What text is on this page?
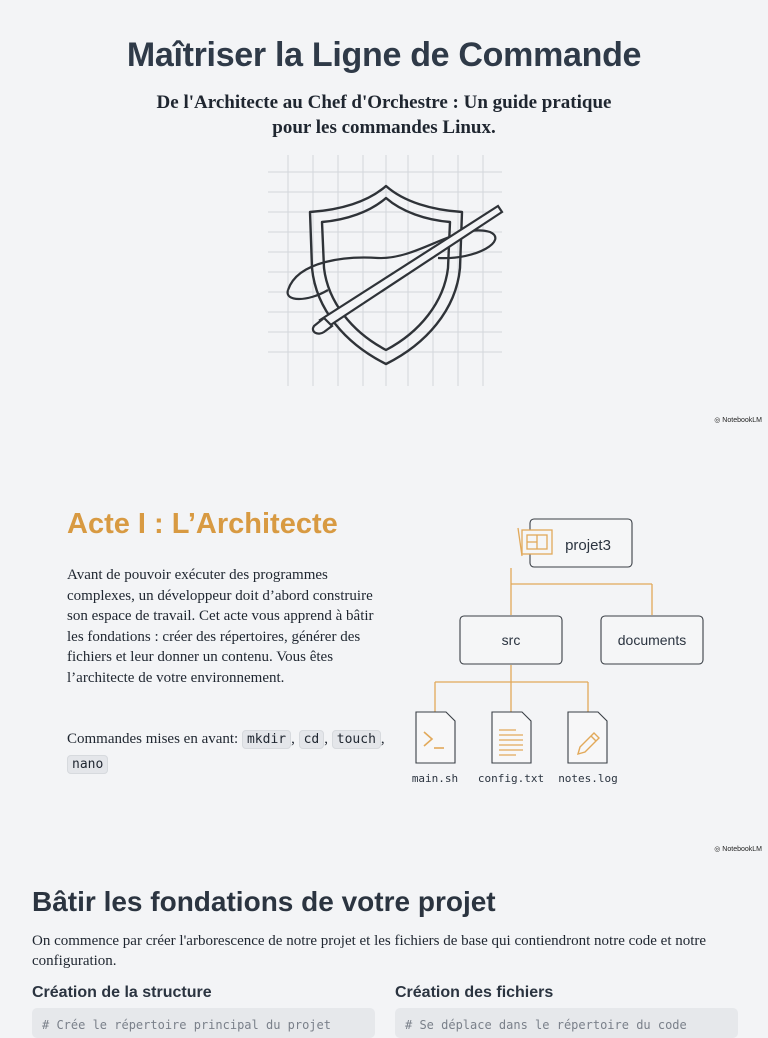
Maîtriser la Ligne de Commande
De l'Architecte au Chef d'Orchestre : Un guide pratique pour les commandes Linux.
◎ NotebookLM
Acte I : L’Architecte
Avant de pouvoir exécuter des programmes complexes, un développeur doit d’abord construire son espace de travail. Cet acte vous apprend à bâtir les fondations : créer des répertoires, générer des fichiers et leur donner un contenu. Vous êtes l’architecte de votre environnement.
Commandes mises en avant: mkdir , cd , touch , nano
projet3
src	documents
main.sh config.txt notes.log
◎ NotebookLM
Bâtir les fondations de votre projet
On commence par créer l'arborescence de notre projet et les fichiers de base qui contiendront notre code et notre configuration.
Création de la structure	Création des fichiers
# Crée le répertoire principal du projet	# Se déplace dans le répertoire du code
